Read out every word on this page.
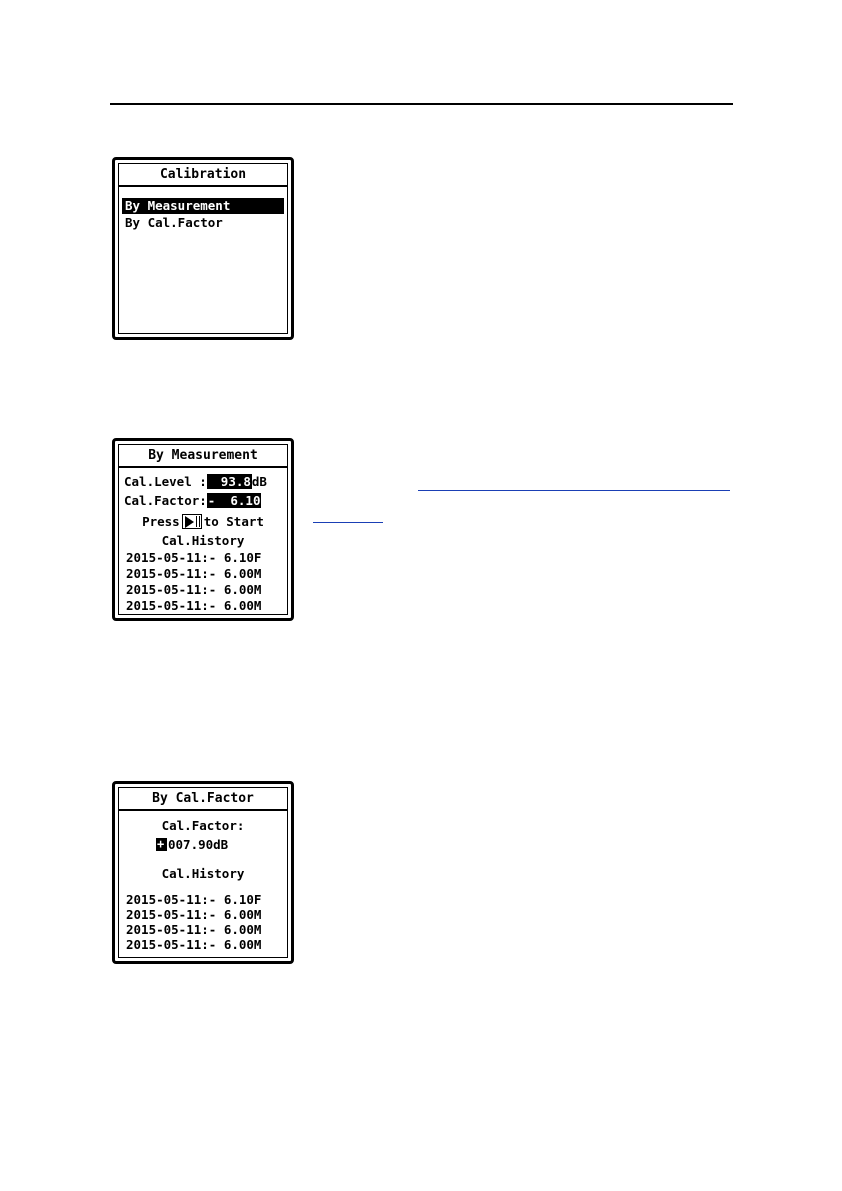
Calibration
By Measurement
By Cal.Factor
By Measurement
Cal.Level : 93.8dB
Cal.Factor:-  6.10
Press to Start
Cal.History
2015-05-11:- 6.10F
2015-05-11:- 6.00M
2015-05-11:- 6.00M
2015-05-11:- 6.00M
By Cal.Factor
Cal.Factor:
+007.90dB
Cal.History
2015-05-11:- 6.10F
2015-05-11:- 6.00M
2015-05-11:- 6.00M
2015-05-11:- 6.00M
